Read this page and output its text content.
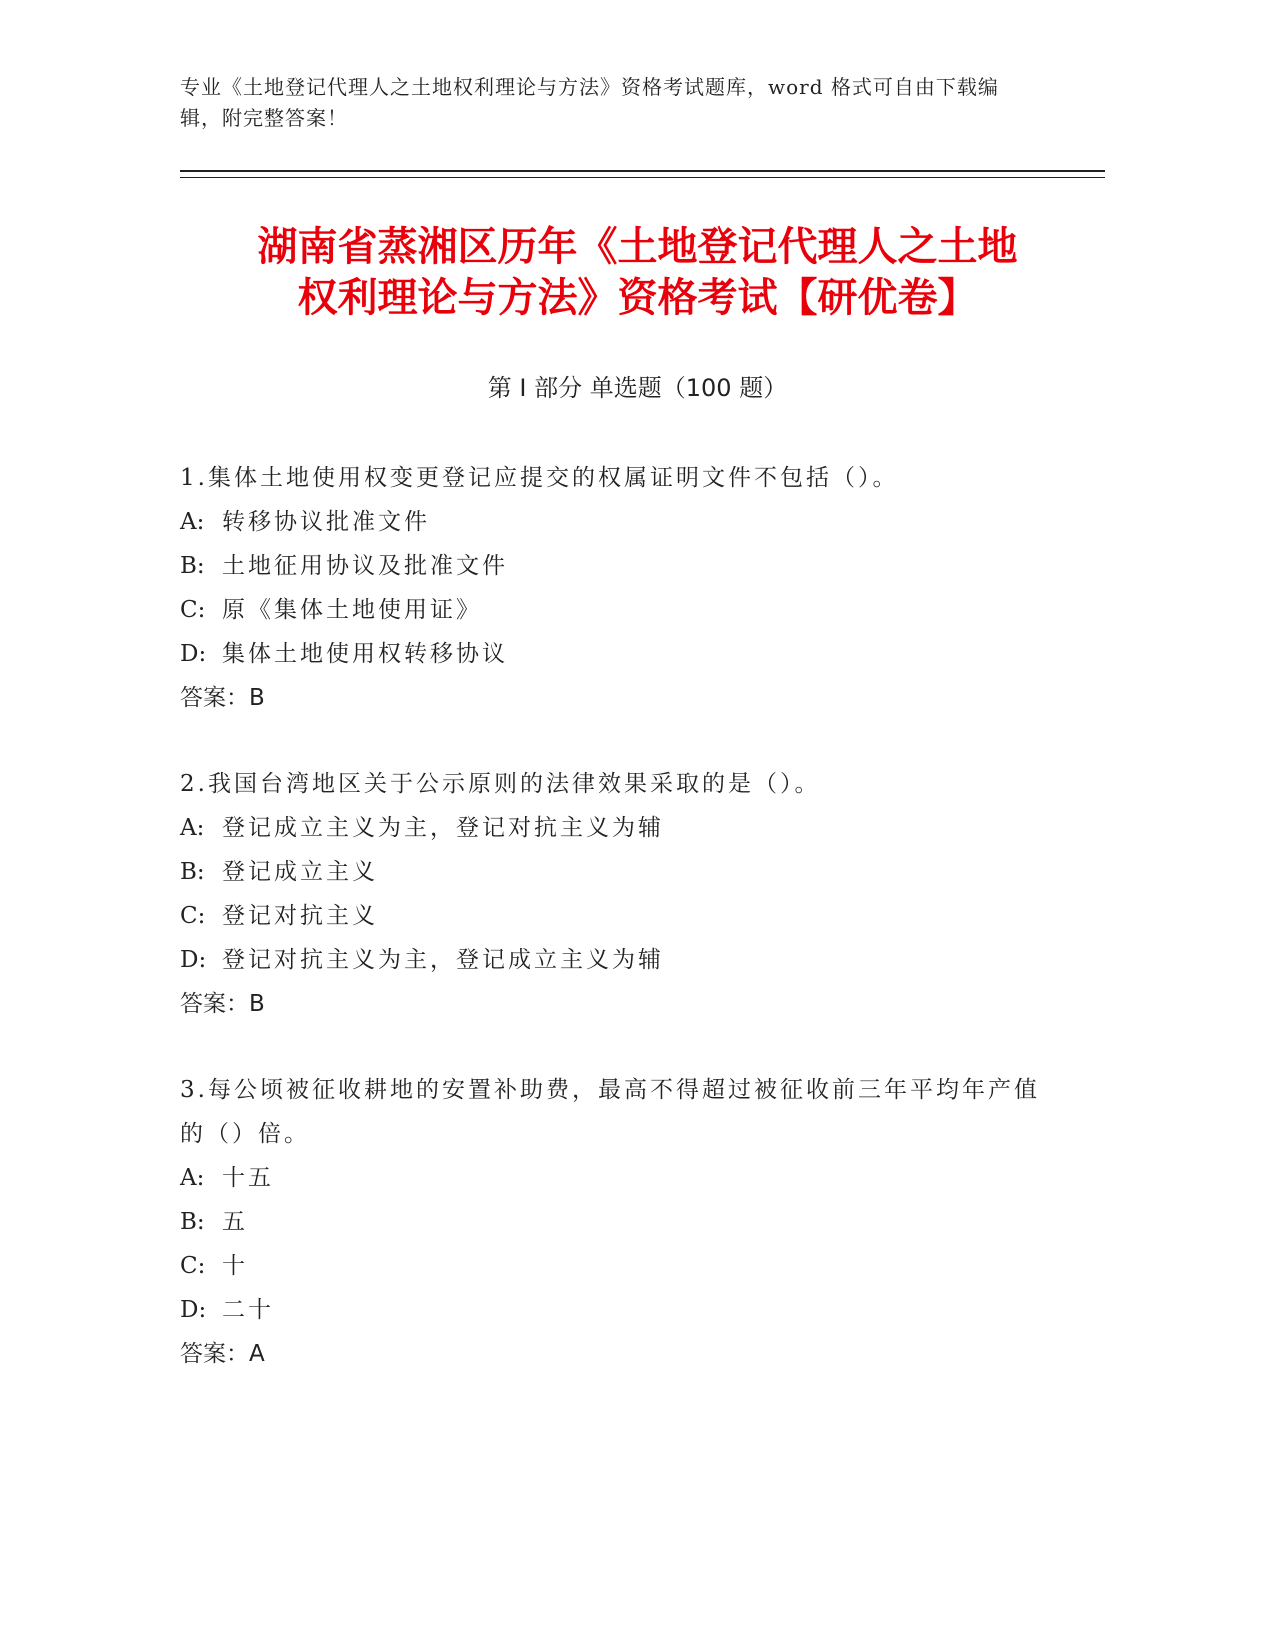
专业《土地登记代理人之土地权利理论与方法》资格考试题库，word 格式可自由下载编辑，附完整答案！
湖南省蒸湘区历年《土地登记代理人之土地
权利理论与方法》资格考试【研优卷】
第 I 部分 单选题（100 题）

1.集体土地使用权变更登记应提交的权属证明文件不包括（）。

A: 转移协议批准文件

B: 土地征用协议及批准文件

C: 原《集体土地使用证》

D: 集体土地使用权转移协议

答案：B

2.我国台湾地区关于公示原则的法律效果采取的是（）。

A: 登记成立主义为主，登记对抗主义为辅

B: 登记成立主义

C: 登记对抗主义

D: 登记对抗主义为主，登记成立主义为辅

答案：B

3.每公顷被征收耕地的安置补助费，最高不得超过被征收前三年平均年产值的（）倍。

A: 十五

B: 五

C: 十

D: 二十

答案：A
